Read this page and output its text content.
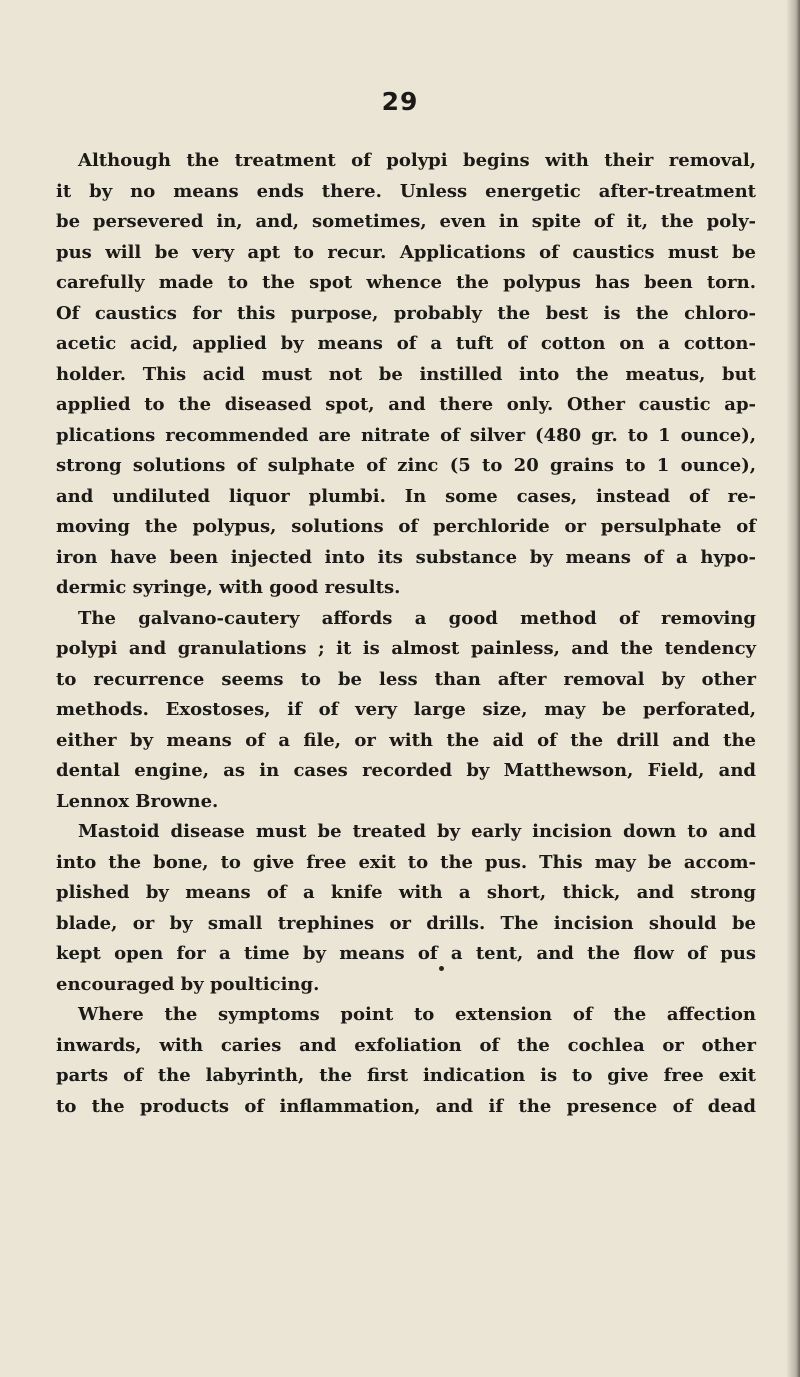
29
Although the treatment of polypi begins with their removal,
it by no means ends there. Unless energetic after-treatment
be persevered in, and, sometimes, even in spite of it, the poly-
pus will be very apt to recur. Applications of caustics must be
carefully made to the spot whence the polypus has been torn.
Of caustics for this purpose, probably the best is the chloro-
acetic acid, applied by means of a tuft of cotton on a cotton-
holder. This acid must not be instilled into the meatus, but
applied to the diseased spot, and there only. Other caustic ap-
plications recommended are nitrate of silver (480 gr. to 1 ounce),
strong solutions of sulphate of zinc (5 to 20 grains to 1 ounce),
and undiluted liquor plumbi. In some cases, instead of re-
moving the polypus, solutions of perchloride or persulphate of
iron have been injected into its substance by means of a hypo-
dermic syringe, with good results.
The galvano-cautery affords a good method of removing
polypi and granulations ; it is almost painless, and the tendency
to recurrence seems to be less than after removal by other
methods. Exostoses, if of very large size, may be perforated,
either by means of a file, or with the aid of the drill and the
dental engine, as in cases recorded by Matthewson, Field, and
Lennox Browne.
Mastoid disease must be treated by early incision down to and
into the bone, to give free exit to the pus. This may be accom-
plished by means of a knife with a short, thick, and strong
blade, or by small trephines or drills. The incision should be
kept open for a time by means of a tent, and the flow of pus
encouraged by poulticing.
Where the symptoms point to extension of the affection
inwards, with caries and exfoliation of the cochlea or other
parts of the labyrinth, the first indication is to give free exit
to the products of inflammation, and if the presence of dead
